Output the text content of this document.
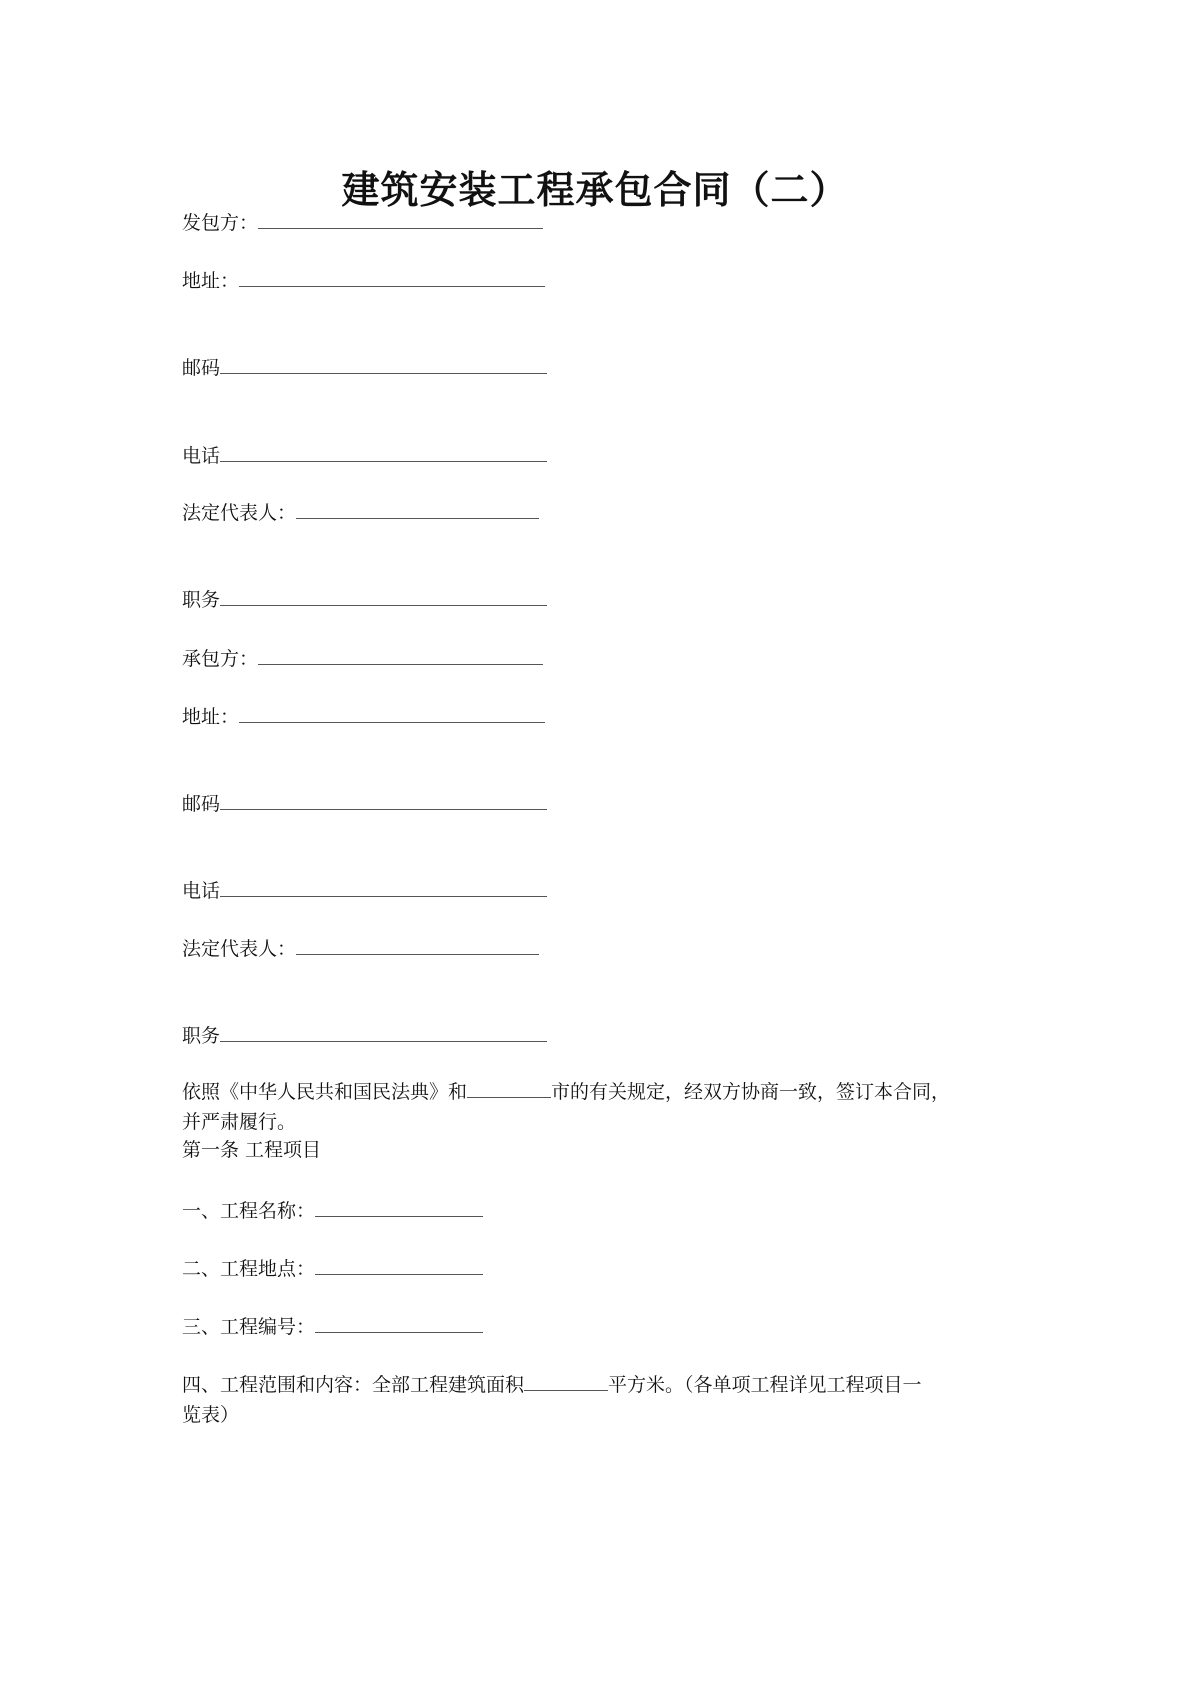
建筑安装工程承包合同（二）
发包方：
地址：
邮码
电话
法定代表人：
职务
承包方：
地址：
邮码
电话
法定代表人：
职务
依照《中华人民共和国民法典》和	市的有关规定，经双方协商一致，签订本合同，
并严肃履行。
第一条 工程项目
一、工程名称：
二、工程地点：
三、工程编号：
四、工程范围和内容：全部工程建筑面积	平方米。（各单项工程详见工程项目一
览表）
